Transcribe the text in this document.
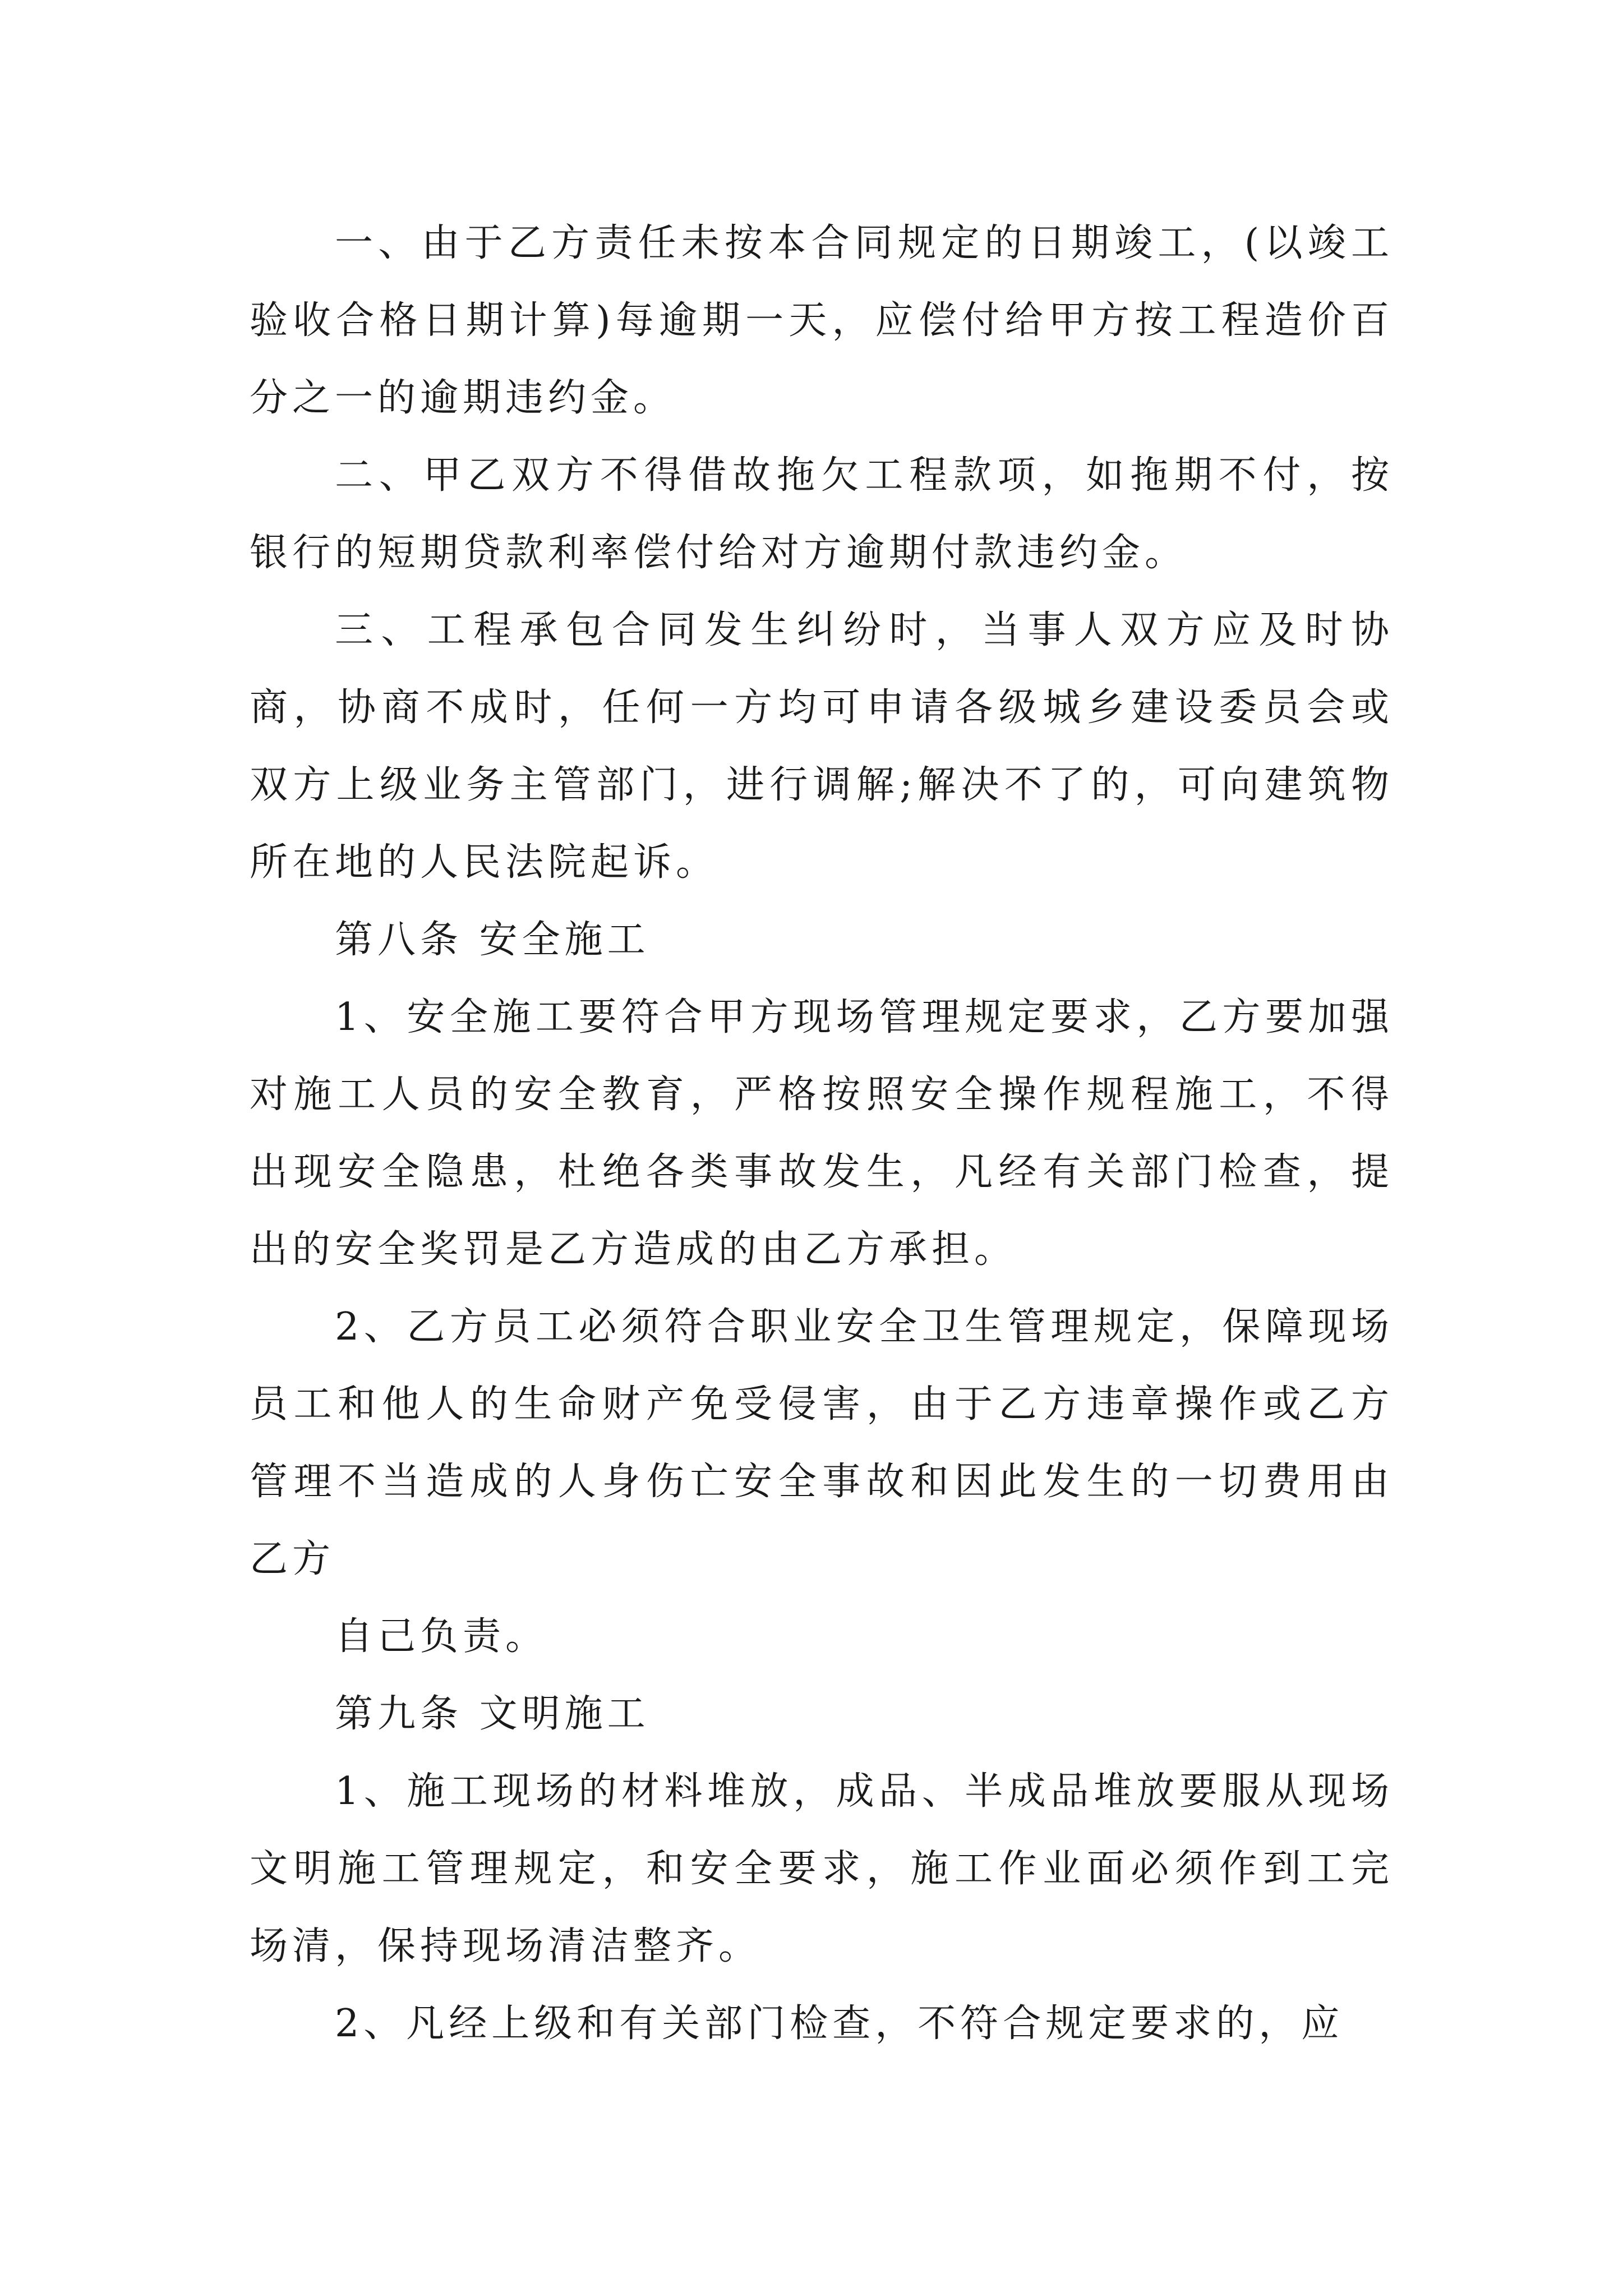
一、由于乙方责任未按本合同规定的日期竣工，(以竣工验收合格日期计算)每逾期一天，应偿付给甲方按工程造价百分之一的逾期违约金。

二、甲乙双方不得借故拖欠工程款项，如拖期不付，按银行的短期贷款利率偿付给对方逾期付款违约金。

三、工程承包合同发生纠纷时，当事人双方应及时协商，协商不成时，任何一方均可申请各级城乡建设委员会或双方上级业务主管部门，进行调解;解决不了的，可向建筑物所在地的人民法院起诉。

第八条 安全施工

1、安全施工要符合甲方现场管理规定要求，乙方要加强对施工人员的安全教育，严格按照安全操作规程施工，不得出现安全隐患，杜绝各类事故发生，凡经有关部门检查，提出的安全奖罚是乙方造成的由乙方承担。

2、乙方员工必须符合职业安全卫生管理规定，保障现场员工和他人的生命财产免受侵害，由于乙方违章操作或乙方管理不当造成的人身伤亡安全事故和因此发生的一切费用由乙方

自己负责。

第九条 文明施工

1、施工现场的材料堆放，成品、半成品堆放要服从现场文明施工管理规定，和安全要求，施工作业面必须作到工完场清，保持现场清洁整齐。

2、凡经上级和有关部门检查，不符合规定要求的，应
